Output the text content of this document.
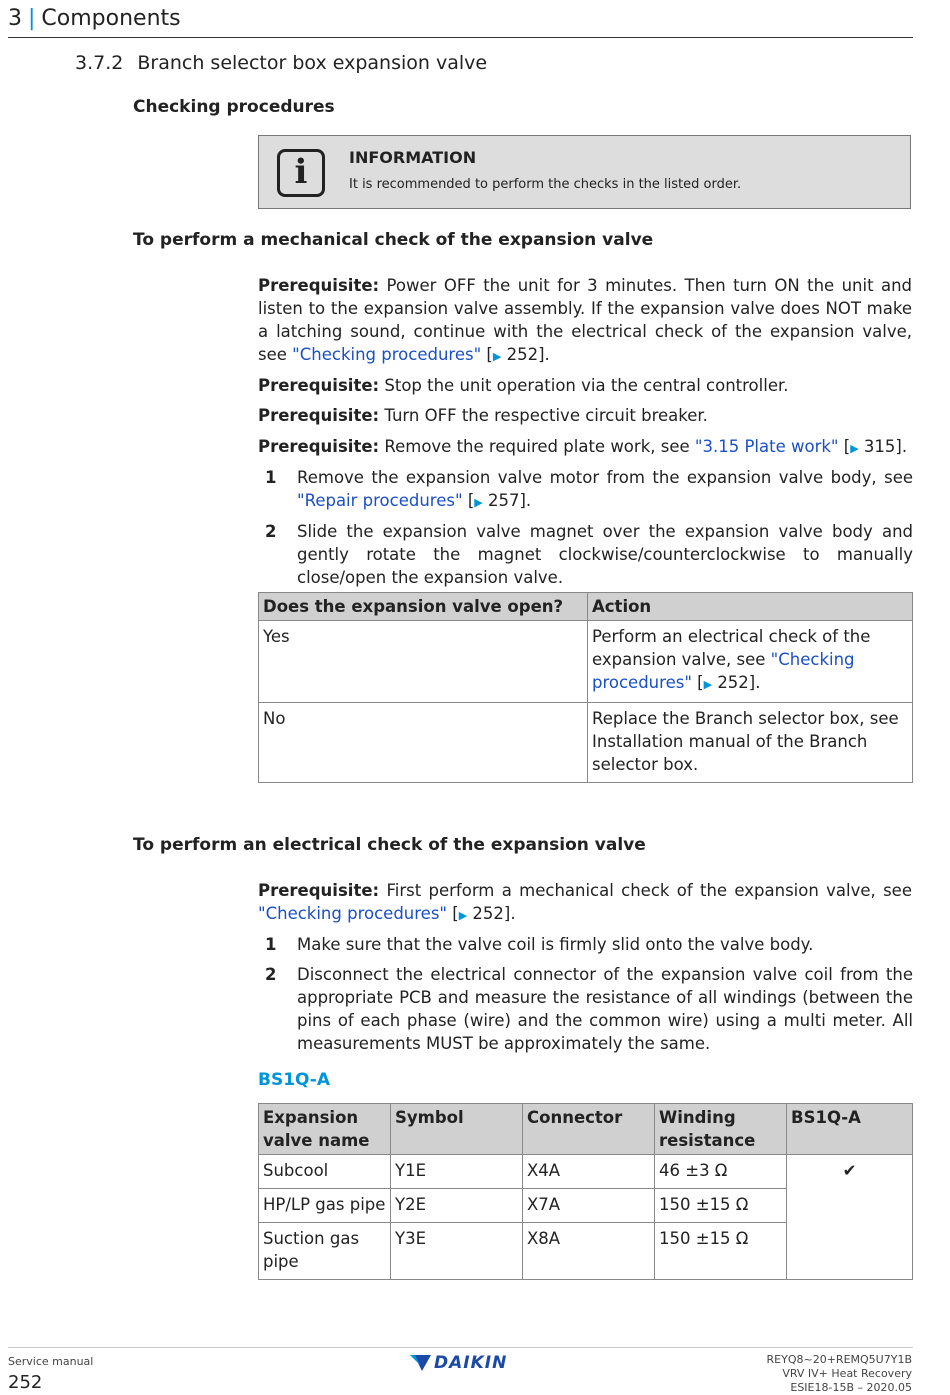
3 | Components
3.7.2 Branch selector box expansion valve
Checking procedures
i	INFORMATION
It is recommended to perform the checks in the listed order.
To perform a mechanical check of the expansion valve
Prerequisite: Power OFF the unit for 3 minutes. Then turn ON the unit and listen to the expansion valve assembly. If the expansion valve does NOT make a latching sound, continue with the electrical check of the expansion valve, see "Checking procedures" [▶ 252].
Prerequisite: Stop the unit operation via the central controller.
Prerequisite: Turn OFF the respective circuit breaker.
Prerequisite: Remove the required plate work, see "3.15 Plate work" [▶ 315].
1 Remove the expansion valve motor from the expansion valve body, see "Repair procedures" [▶ 257].
2 Slide the expansion valve magnet over the expansion valve body and gently rotate the magnet clockwise/counterclockwise to manually close/open the expansion valve.
Does the expansion valve open?	Action
Yes	Perform an electrical check of the expansion valve, see "Checking procedures" [▶ 252].
No	Replace the Branch selector box, see Installation manual of the Branch selector box.
To perform an electrical check of the expansion valve
Prerequisite: First perform a mechanical check of the expansion valve, see "Checking procedures" [▶ 252].
1 Make sure that the valve coil is firmly slid onto the valve body.
2 Disconnect the electrical connector of the expansion valve coil from the appropriate PCB and measure the resistance of all windings (between the pins of each phase (wire) and the common wire) using a multi meter. All measurements MUST be approximately the same.
BS1Q-A
Expansion valve name	Symbol	Connector	Winding resistance	BS1Q-A
Subcool	Y1E	X4A	46 ±3 Ω	✔
HP/LP gas pipe	Y2E	X7A	150 ±15 Ω	
Suction gas pipe	Y3E	X8A	150 ±15 Ω	
Service manual
252
DAIKIN	REYQ8~20+REMQ5U7Y1B
VRV IV+ Heat Recovery
ESIE18-15B – 2020.05
